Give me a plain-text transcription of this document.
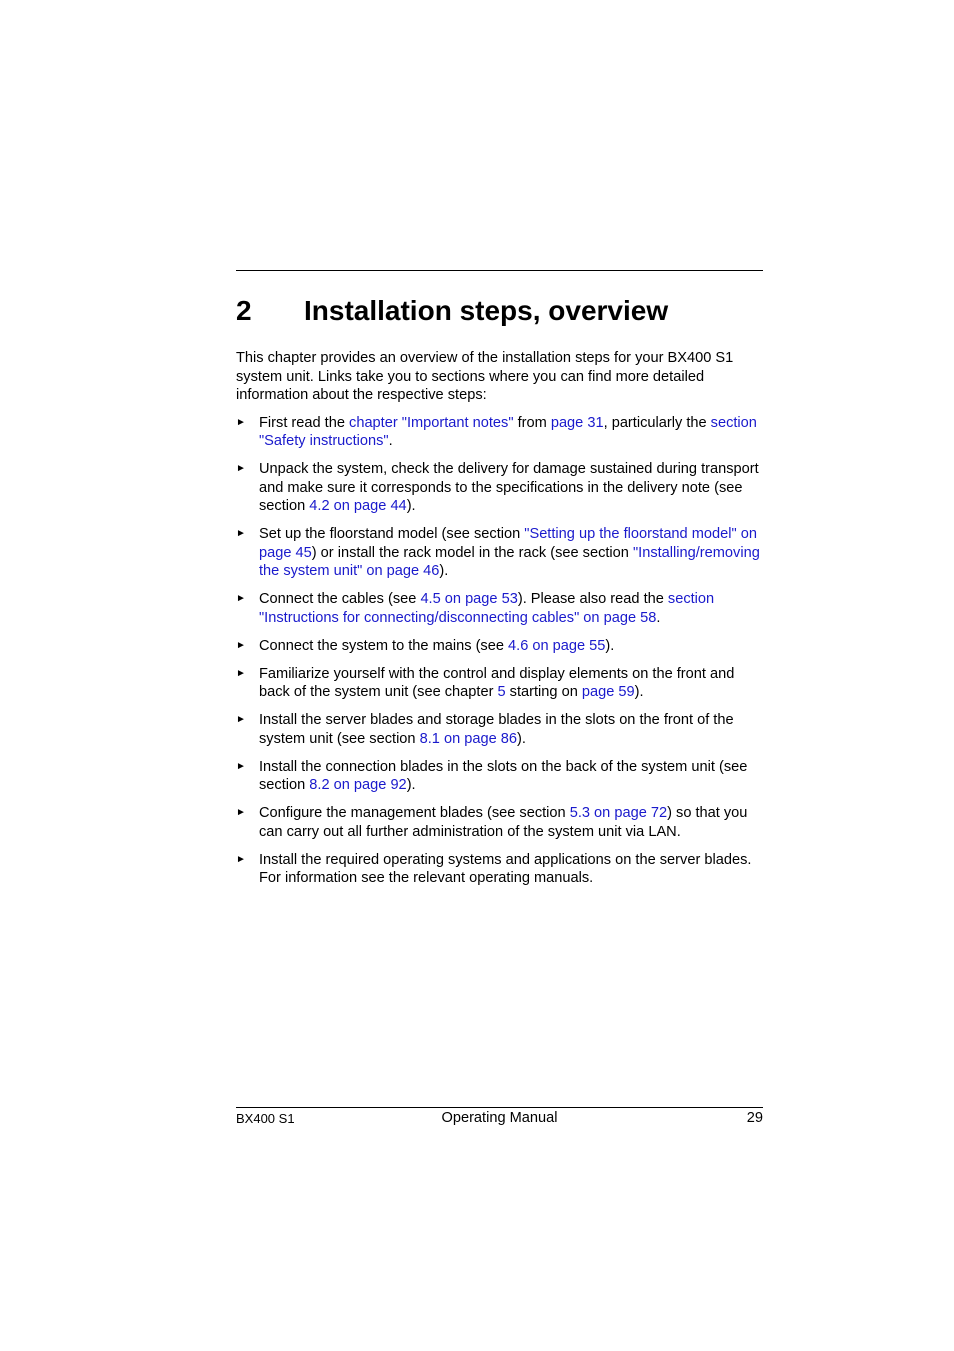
2 Installation steps, overview

This chapter provides an overview of the installation steps for your BX400 S1 system unit. Links take you to sections where you can find more detailed information about the respective steps:

► First read the chapter "Important notes" from page 31, particularly the section "Safety instructions".
► Unpack the system, check the delivery for damage sustained during transport and make sure it corresponds to the specifications in the delivery note (see section 4.2 on page 44).
► Set up the floorstand model (see section "Setting up the floorstand model" on page 45) or install the rack model in the rack (see section "Installing/removing the system unit" on page 46).
► Connect the cables (see 4.5 on page 53). Please also read the section "Instructions for connecting/disconnecting cables" on page 58.
► Connect the system to the mains (see 4.6 on page 55).
► Familiarize yourself with the control and display elements on the front and back of the system unit (see chapter 5 starting on page 59).
► Install the server blades and storage blades in the slots on the front of the system unit (see section 8.1 on page 86).
► Install the connection blades in the slots on the back of the system unit (see section 8.2 on page 92).
► Configure the management blades (see section 5.3 on page 72) so that you can carry out all further administration of the system unit via LAN.
► Install the required operating systems and applications on the server blades. For information see the relevant operating manuals.
BX400 S1	Operating Manual	29
